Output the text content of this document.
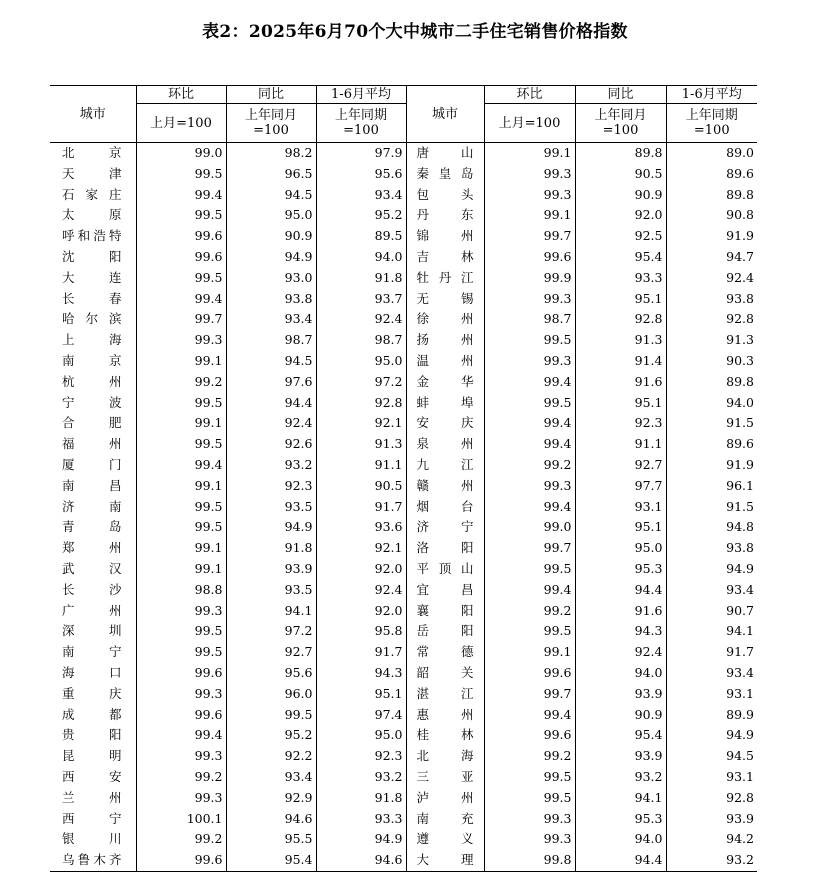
表2：2025年6月70个大中城市二手住宅销售价格指数
城市	环比	同比	1-6月平均	城市	环比	同比	1-6月平均
	上月=100	上年同月=100	上年同期=100		上月=100	上年同月=100	上年同期=100

北京	99.0	98.2	97.9	唐山	99.1	89.8	89.0
天津	99.5	96.5	95.6	秦皇岛	99.3	90.5	89.6
石家庄	99.4	94.5	93.4	包头	99.3	90.9	89.8
太原	99.5	95.0	95.2	丹东	99.1	92.0	90.8
呼和浩特	99.6	90.9	89.5	锦州	99.7	92.5	91.9
沈阳	99.6	94.9	94.0	吉林	99.6	95.4	94.7
大连	99.5	93.0	91.8	牡丹江	99.9	93.3	92.4
长春	99.4	93.8	93.7	无锡	99.3	95.1	93.8
哈尔滨	99.7	93.4	92.4	徐州	98.7	92.8	92.8
上海	99.3	98.7	98.7	扬州	99.5	91.3	91.3
南京	99.1	94.5	95.0	温州	99.3	91.4	90.3
杭州	99.2	97.6	97.2	金华	99.4	91.6	89.8
宁波	99.5	94.4	92.8	蚌埠	99.5	95.1	94.0
合肥	99.1	92.4	92.1	安庆	99.4	92.3	91.5
福州	99.5	92.6	91.3	泉州	99.4	91.1	89.6
厦门	99.4	93.2	91.1	九江	99.2	92.7	91.9
南昌	99.1	92.3	90.5	赣州	99.3	97.7	96.1
济南	99.5	93.5	91.7	烟台	99.4	93.1	91.5
青岛	99.5	94.9	93.6	济宁	99.0	95.1	94.8
郑州	99.1	91.8	92.1	洛阳	99.7	95.0	93.8
武汉	99.1	93.9	92.0	平顶山	99.5	95.3	94.9
长沙	98.8	93.5	92.4	宜昌	99.4	94.4	93.4
广州	99.3	94.1	92.0	襄阳	99.2	91.6	90.7
深圳	99.5	97.2	95.8	岳阳	99.5	94.3	94.1
南宁	99.5	92.7	91.7	常德	99.1	92.4	91.7
海口	99.6	95.6	94.3	韶关	99.6	94.0	93.4
重庆	99.3	96.0	95.1	湛江	99.7	93.9	93.1
成都	99.6	99.5	97.4	惠州	99.4	90.9	89.9
贵阳	99.4	95.2	95.0	桂林	99.6	95.4	94.9
昆明	99.3	92.2	92.3	北海	99.2	93.9	94.5
西安	99.2	93.4	93.2	三亚	99.5	93.2	93.1
兰州	99.3	92.9	91.8	泸州	99.5	94.1	92.8
西宁	100.1	94.6	93.3	南充	99.3	95.3	93.9
银川	99.2	95.5	94.9	遵义	99.3	94.0	94.2
乌鲁木齐	99.6	95.4	94.6	大理	99.8	94.4	93.2
